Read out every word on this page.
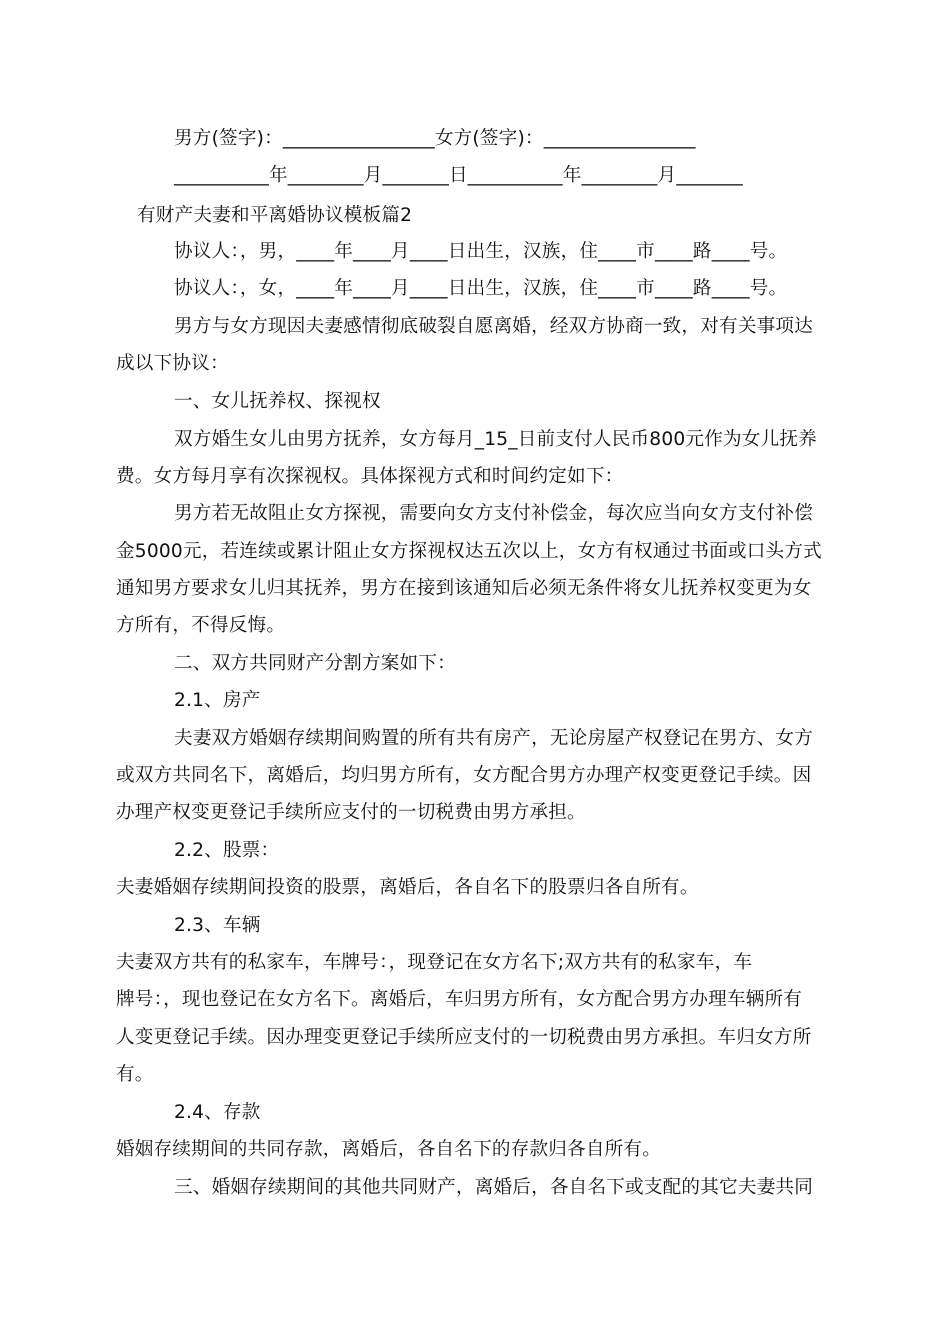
男方(签字)：________________女方(签字)：________________
__________年________月_______日__________年________月_______
有财产夫妻和平离婚协议模板篇2
协议人：，男，____年____月____日出生，汉族，住____市____路____号。
协议人：，女，____年____月____日出生，汉族，住____市____路____号。
男方与女方现因夫妻感情彻底破裂自愿离婚，经双方协商一致，对有关事项达
成以下协议：
一、女儿抚养权、探视权
双方婚生女儿由男方抚养，女方每月_15_日前支付人民币800元作为女儿抚养
费。女方每月享有次探视权。具体探视方式和时间约定如下：
男方若无故阻止女方探视，需要向女方支付补偿金，每次应当向女方支付补偿
金5000元，若连续或累计阻止女方探视权达五次以上，女方有权通过书面或口头方式
通知男方要求女儿归其抚养，男方在接到该通知后必须无条件将女儿抚养权变更为女
方所有，不得反悔。
二、双方共同财产分割方案如下：
2.1、房产
夫妻双方婚姻存续期间购置的所有共有房产，无论房屋产权登记在男方、女方
或双方共同名下，离婚后，均归男方所有，女方配合男方办理产权变更登记手续。因
办理产权变更登记手续所应支付的一切税费由男方承担。
2.2、股票：
夫妻婚姻存续期间投资的股票，离婚后，各自名下的股票归各自所有。
2.3、车辆
夫妻双方共有的私家车，车牌号：，现登记在女方名下;双方共有的私家车，车
牌号：，现也登记在女方名下。离婚后，车归男方所有，女方配合男方办理车辆所有
人变更登记手续。因办理变更登记手续所应支付的一切税费由男方承担。车归女方所
有。
2.4、存款
婚姻存续期间的共同存款，离婚后，各自名下的存款归各自所有。
三、婚姻存续期间的其他共同财产，离婚后，各自名下或支配的其它夫妻共同
